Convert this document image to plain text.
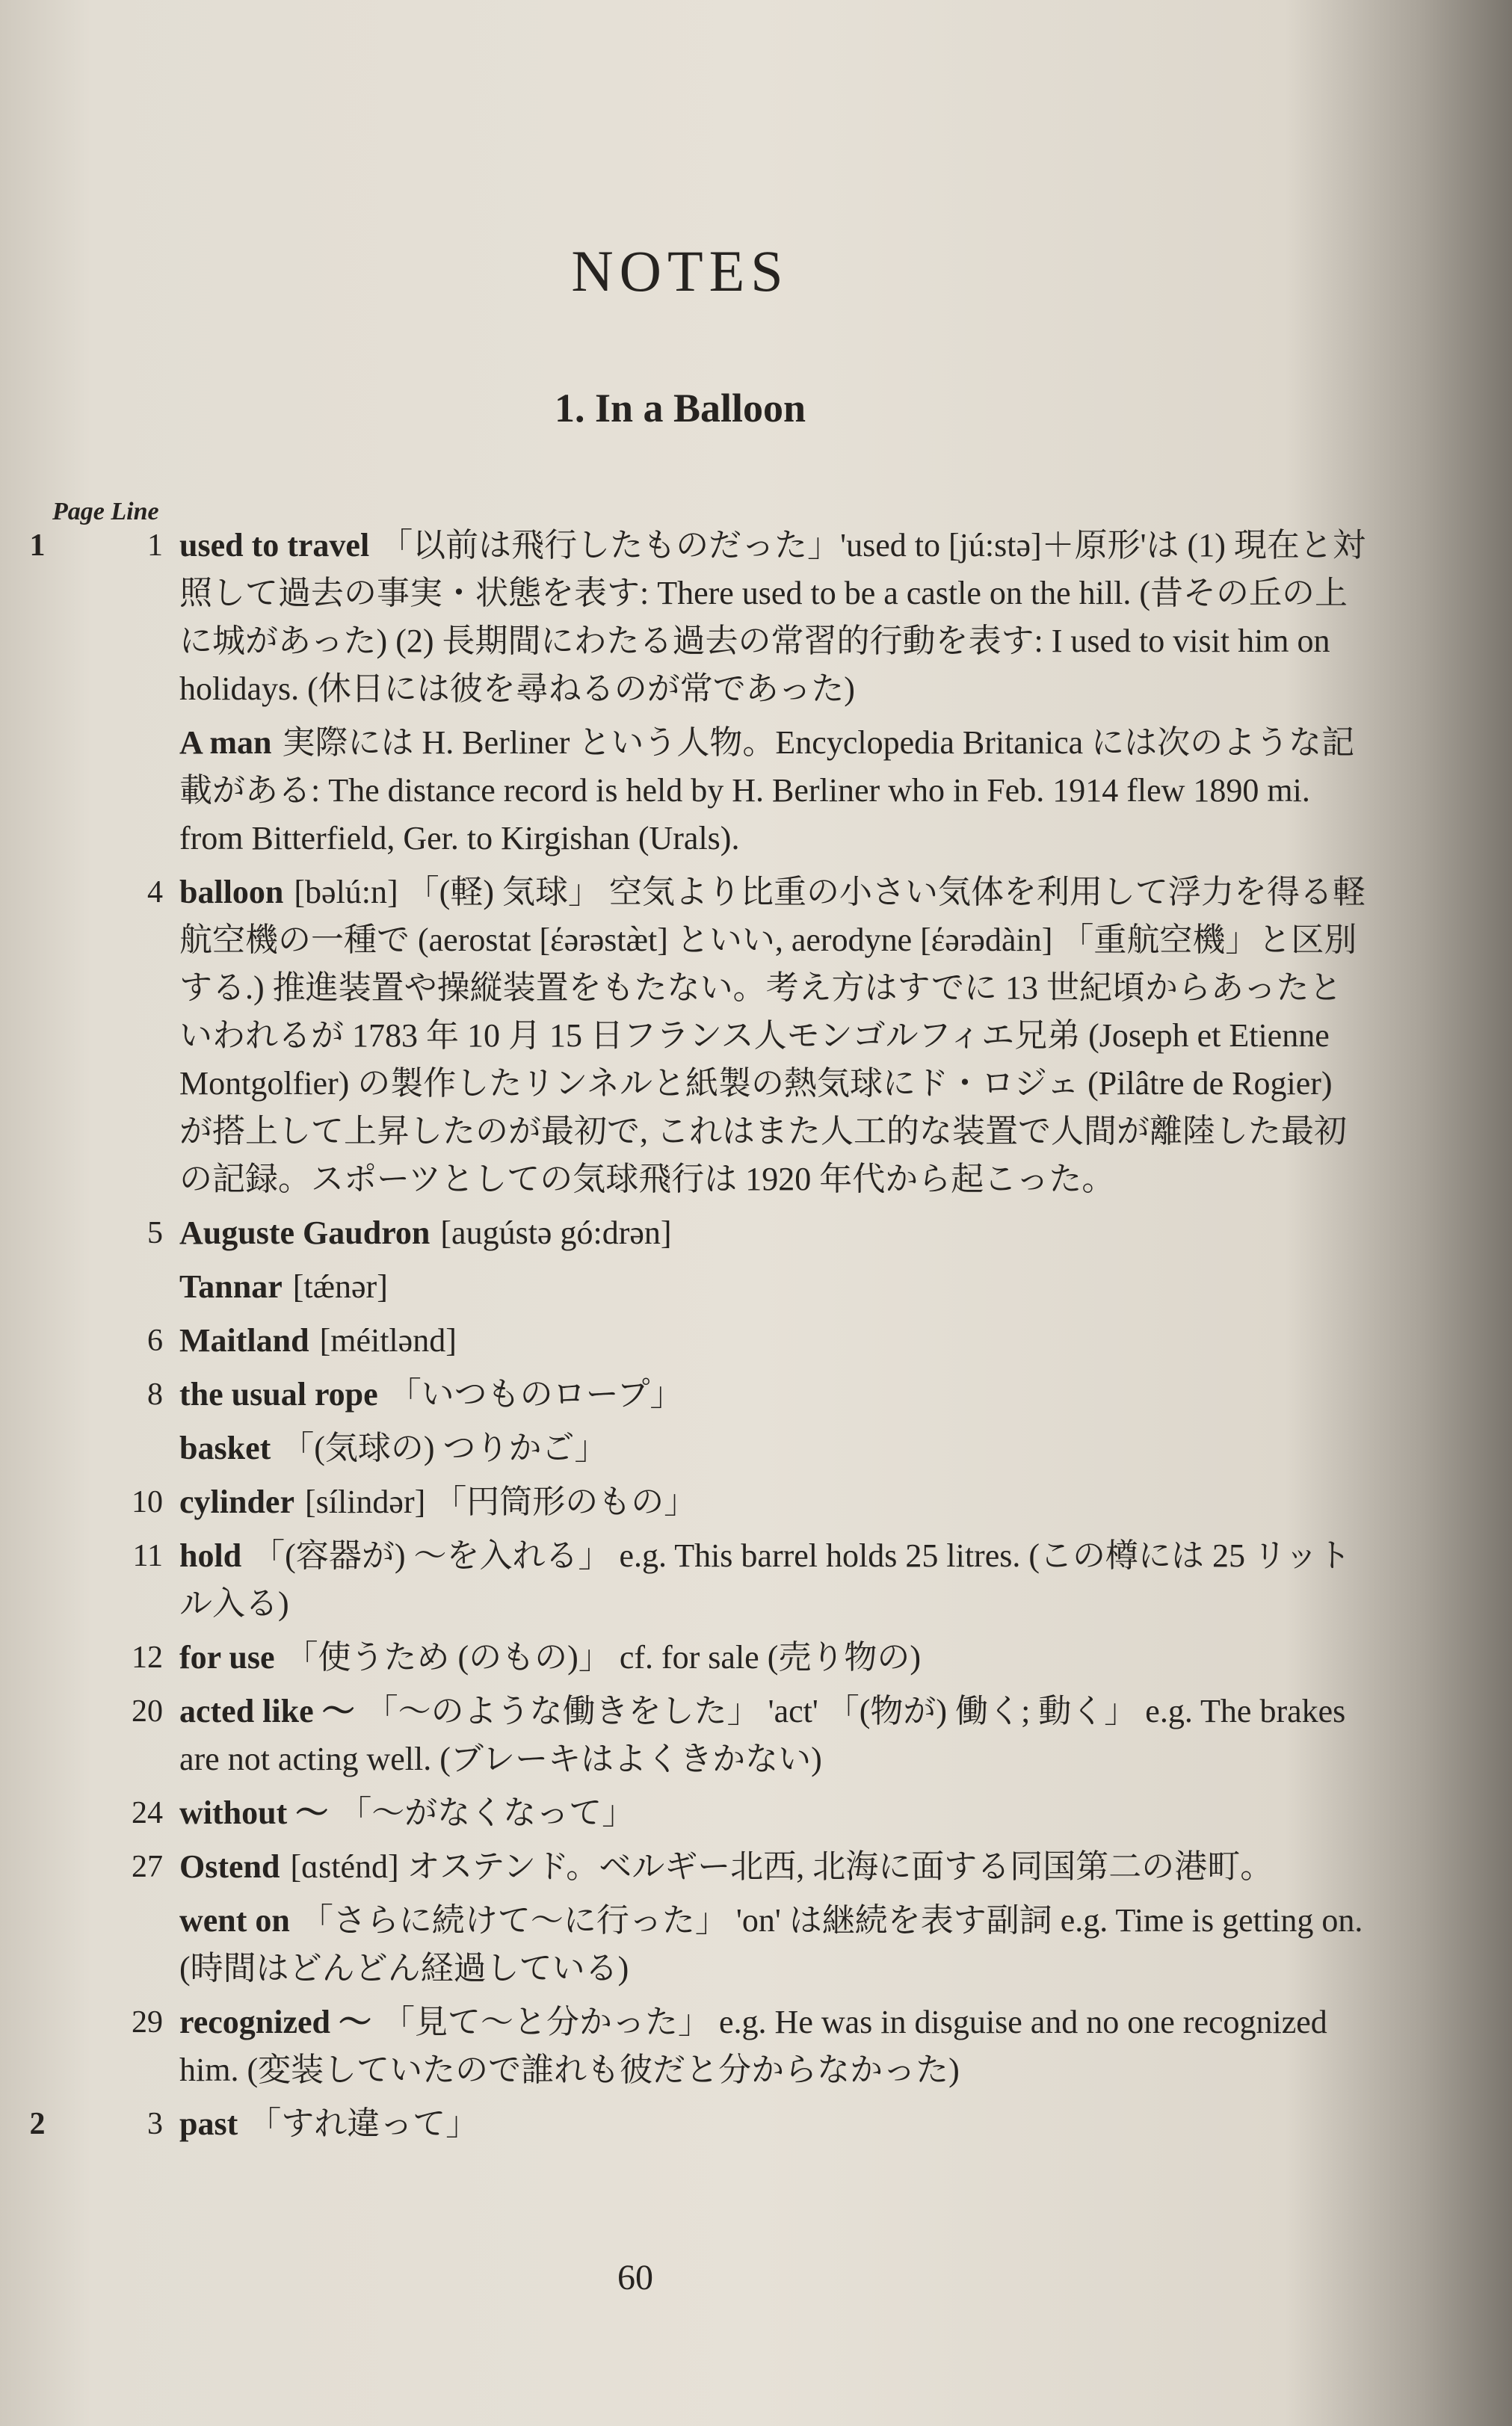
NOTES
1. In a Balloon
Page Line
1	1 used to travel 「以前は飛行したものだった」'used to [jú:stə]＋原形'は (1) 現在と対照して過去の事実・状態を表す: There used to be a castle on the hill. (昔その丘の上に城があった) (2) 長期間にわたる過去の常習的行動を表す: I used to visit him on holidays. (休日には彼を尋ねるのが常であった)
A man 実際には H. Berliner という人物。Encyclopedia Britanica には次のような記載がある: The distance record is held by H. Berliner who in Feb. 1914 flew 1890 mi. from Bitterfield, Ger. to Kirgishan (Urals).
4 balloon [bəlú:n] 「(軽) 気球」 空気より比重の小さい気体を利用して浮力を得る軽航空機の一種で (aerostat [έərəstæ̀t] といい, aerodyne [έərədàin] 「重航空機」と区別する.) 推進装置や操縦装置をもたない。考え方はすでに 13 世紀頃からあったといわれるが 1783 年 10 月 15 日フランス人モンゴルフィエ兄弟 (Joseph et Etienne Montgolfier) の製作したリンネルと紙製の熱気球にド・ロジェ (Pilâtre de Rogier) が搭上して上昇したのが最初で, これはまた人工的な装置で人間が離陸した最初の記録。スポーツとしての気球飛行は 1920 年代から起こった。
5 Auguste Gaudron [augústə gó:drən]
Tannar [tǽnər]
6 Maitland [méitlənd]
8 the usual rope 「いつものロープ」
basket 「(気球の) つりかご」
10 cylinder [sílindər] 「円筒形のもの」
11 hold 「(容器が) 〜を入れる」 e.g. This barrel holds 25 litres. (この樽には 25 リットル入る)
12 for use 「使うため (のもの)」 cf. for sale (売り物の)
20 acted like 〜 「〜のような働きをした」 'act' 「(物が) 働く; 動く」 e.g. The brakes are not acting well. (ブレーキはよくきかない)
24 without 〜 「〜がなくなって」
27 Ostend [ɑsténd] オステンド。ベルギー北西, 北海に面する同国第二の港町。
went on 「さらに続けて〜に行った」 'on' は継続を表す副詞 e.g. Time is getting on. (時間はどんどん経過している)
29 recognized 〜 「見て〜と分かった」 e.g. He was in disguise and no one recognized him. (変装していたので誰れも彼だと分からなかった)
2	3 past 「すれ違って」
60
